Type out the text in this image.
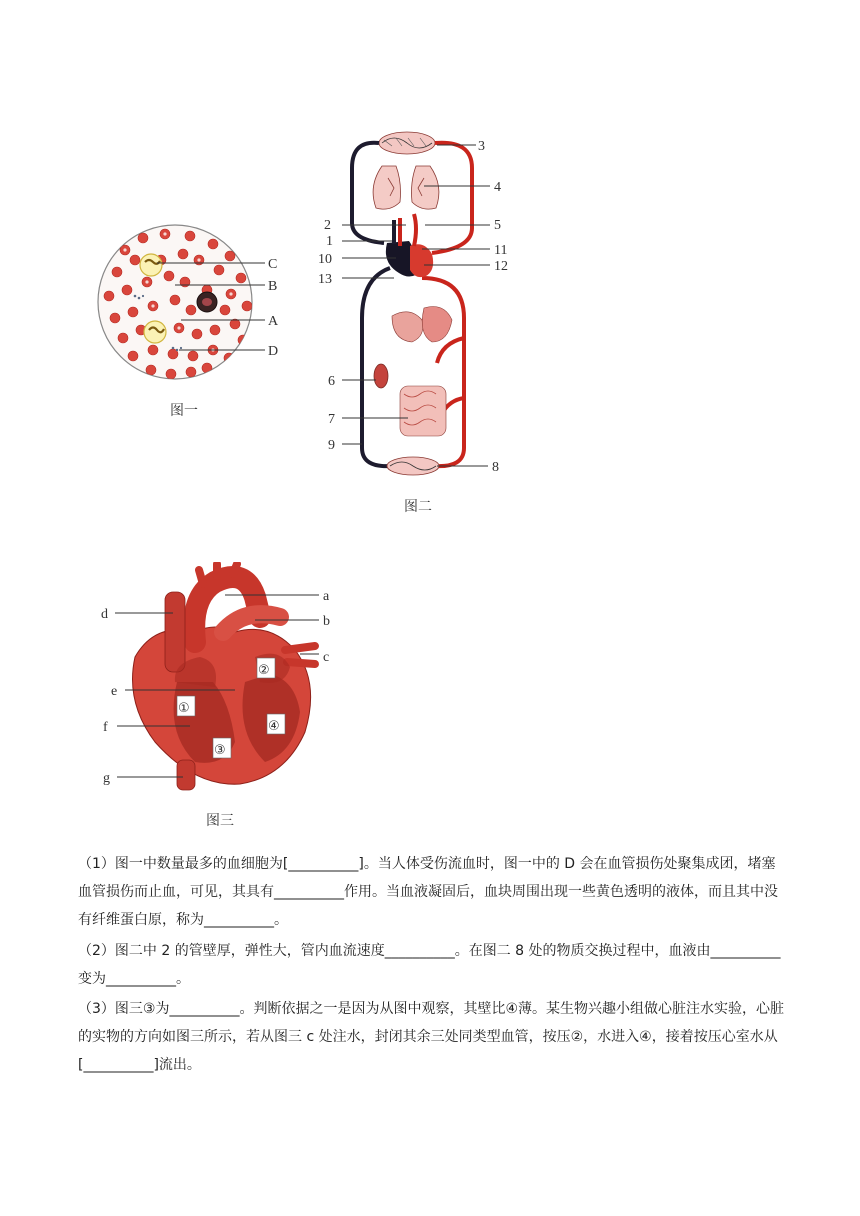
C
B
A
D
图一
3
4
2	5
1
11
10	12
13
6
7
9
8
图二
①
②
③
④
a
b
c
d
e
f
g
图三

（1）图一中数量最多的血细胞为[__________]。当人体受伤流血时，图一中的 D 会在血管损伤处聚集成团，堵塞血管损伤而止血，可见，其具有__________作用。当血液凝固后，血块周围出现一些黄色透明的液体，而且其中没有纤维蛋白原，称为__________。

（2）图二中 2 的管壁厚，弹性大，管内血流速度__________。在图二 8 处的物质交换过程中，血液由__________变为__________。

（3）图三③为__________。判断依据之一是因为从图中观察，其壁比④薄。某生物兴趣小组做心脏注水实验，心脏的实物的方向如图三所示，若从图三 c 处注水，封闭其余三处同类型血管，按压②，水进入④，接着按压心室水从[__________]流出。
